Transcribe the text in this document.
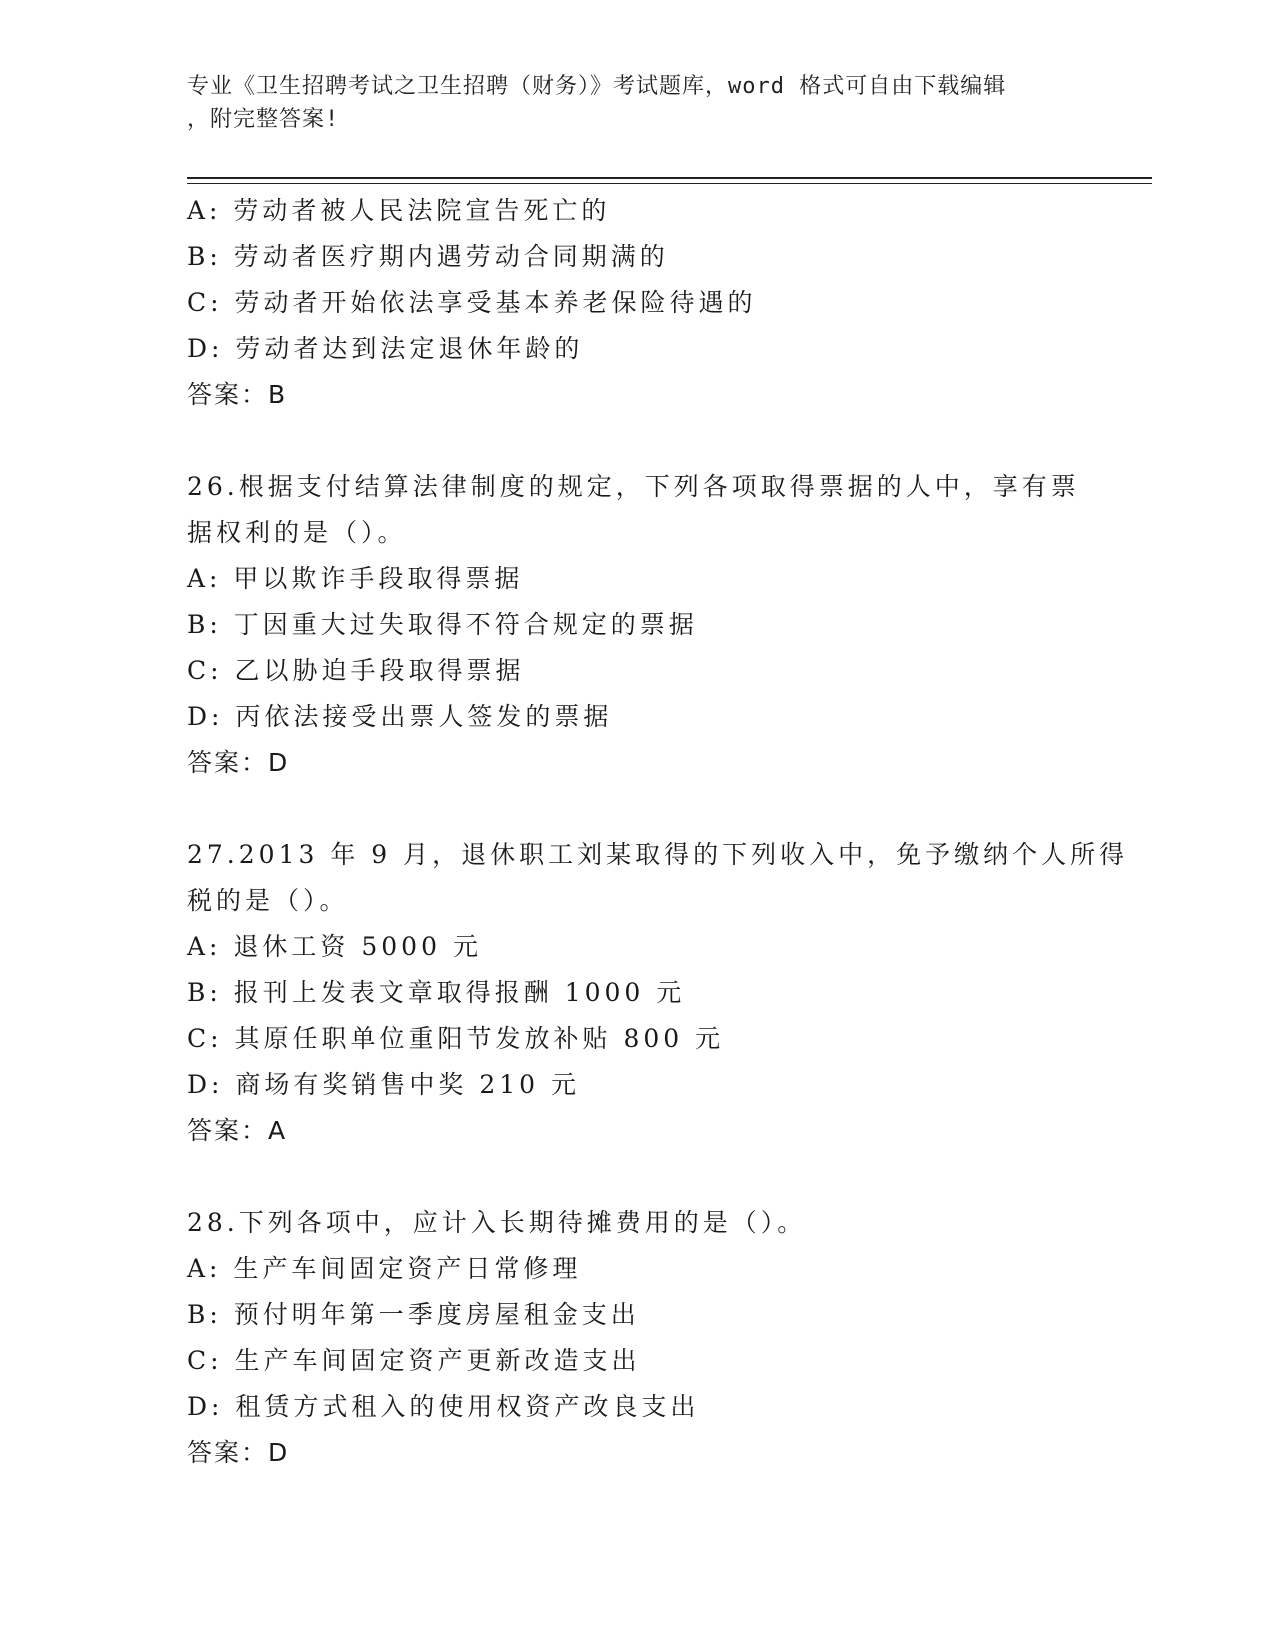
专业《卫生招聘考试之卫生招聘（财务）》考试题库，word 格式可自由下载编辑
，附完整答案!
A: 劳动者被人民法院宣告死亡的
B: 劳动者医疗期内遇劳动合同期满的
C: 劳动者开始依法享受基本养老保险待遇的
D: 劳动者达到法定退休年龄的
答案：B
26.根据支付结算法律制度的规定，下列各项取得票据的人中，享有票
据权利的是（）。
A: 甲以欺诈手段取得票据
B: 丁因重大过失取得不符合规定的票据
C: 乙以胁迫手段取得票据
D: 丙依法接受出票人签发的票据
答案：D
27.2013 年 9 月，退休职工刘某取得的下列收入中，免予缴纳个人所得
税的是（）。
A: 退休工资 5000 元
B: 报刊上发表文章取得报酬 1000 元
C: 其原任职单位重阳节发放补贴 800 元
D: 商场有奖销售中奖 210 元
答案：A
28.下列各项中，应计入长期待摊费用的是（）。
A: 生产车间固定资产日常修理
B: 预付明年第一季度房屋租金支出
C: 生产车间固定资产更新改造支出
D: 租赁方式租入的使用权资产改良支出
答案：D
